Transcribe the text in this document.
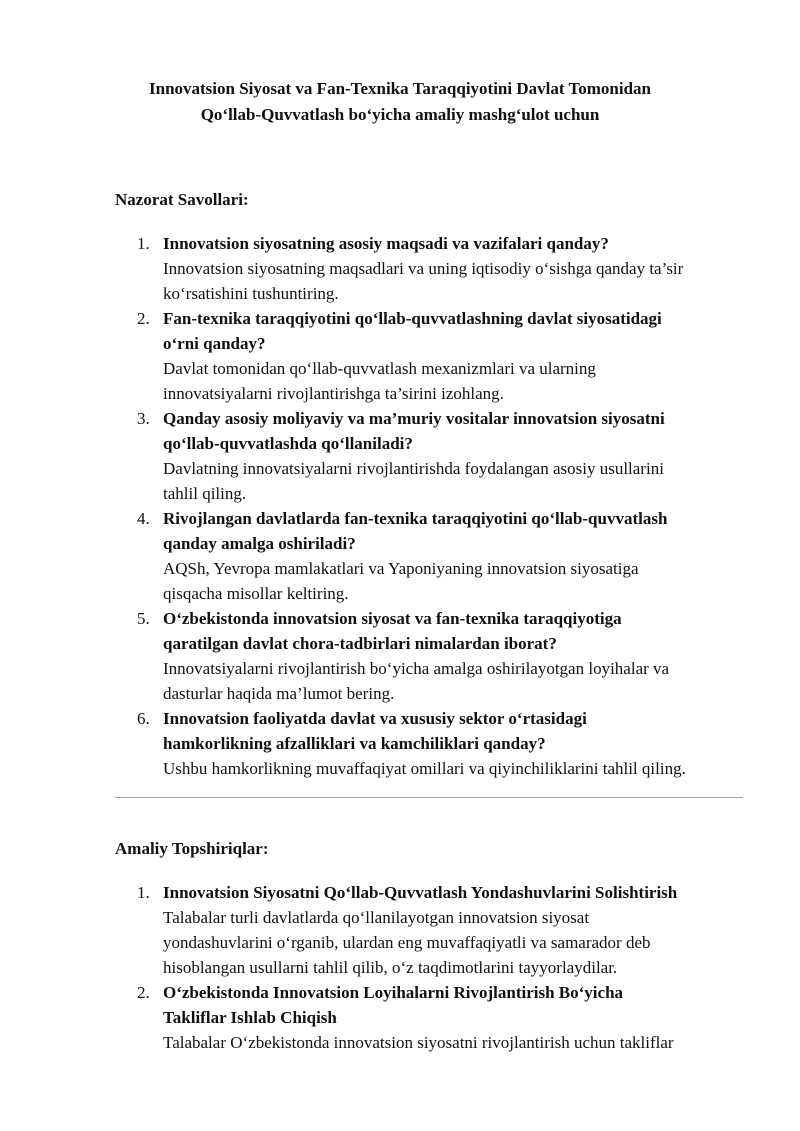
Innovatsion Siyosat va Fan-Texnika Taraqqiyotini Davlat Tomonidan
Qo‘llab-Quvvatlash bo‘yicha amaliy mashg‘ulot uchun
Nazorat Savollari:
1. Innovatsion siyosatning asosiy maqsadi va vazifalari qanday?
Innovatsion siyosatning maqsadlari va uning iqtisodiy o‘sishga qanday ta’sir
ko‘rsatishini tushuntiring.
2. Fan-texnika taraqqiyotini qo‘llab-quvvatlashning davlat siyosatidagi
o‘rni qanday?
Davlat tomonidan qo‘llab-quvvatlash mexanizmlari va ularning
innovatsiyalarni rivojlantirishga ta’sirini izohlang.
3. Qanday asosiy moliyaviy va ma’muriy vositalar innovatsion siyosatni
qo‘llab-quvvatlashda qo‘llaniladi?
Davlatning innovatsiyalarni rivojlantirishda foydalangan asosiy usullarini
tahlil qiling.
4. Rivojlangan davlatlarda fan-texnika taraqqiyotini qo‘llab-quvvatlash
qanday amalga oshiriladi?
AQSh, Yevropa mamlakatlari va Yaponiyaning innovatsion siyosatiga
qisqacha misollar keltiring.
5. O‘zbekistonda innovatsion siyosat va fan-texnika taraqqiyotiga
qaratilgan davlat chora-tadbirlari nimalardan iborat?
Innovatsiyalarni rivojlantirish bo‘yicha amalga oshirilayotgan loyihalar va
dasturlar haqida ma’lumot bering.
6. Innovatsion faoliyatda davlat va xususiy sektor o‘rtasidagi
hamkorlikning afzalliklari va kamchiliklari qanday?
Ushbu hamkorlikning muvaffaqiyat omillari va qiyinchiliklarini tahlil qiling.
Amaliy Topshiriqlar:
1. Innovatsion Siyosatni Qo‘llab-Quvvatlash Yondashuvlarini Solishtirish
Talabalar turli davlatlarda qo‘llanilayotgan innovatsion siyosat
yondashuvlarini o‘rganib, ulardan eng muvaffaqiyatli va samarador deb
hisoblangan usullarni tahlil qilib, o‘z taqdimotlarini tayyorlaydilar.
2. O‘zbekistonda Innovatsion Loyihalarni Rivojlantirish Bo‘yicha
Takliflar Ishlab Chiqish
Talabalar O‘zbekistonda innovatsion siyosatni rivojlantirish uchun takliflar
